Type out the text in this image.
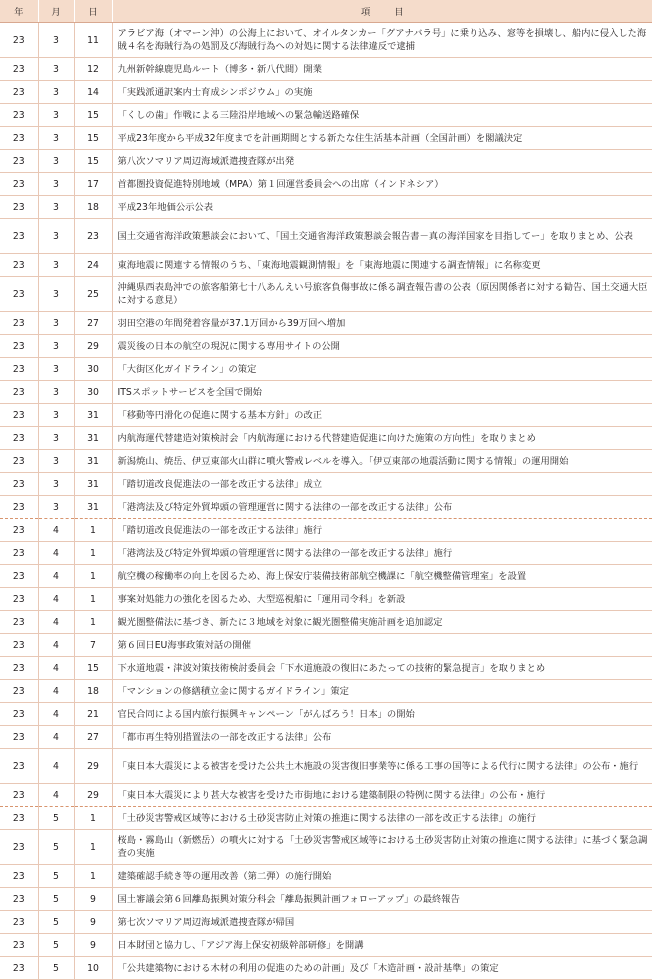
年	月	日	項目
23	3	11	アラビア海（オマーン沖）の公海上において、オイルタンカー「グアナバラ号」に乗り込み、窓等を損壊し、船内に侵入した海賊４名を海賊行為の処罰及び海賊行為への対処に関する法律違反で逮捕
23	3	12	九州新幹線鹿児島ルート（博多・新八代間）開業
23	3	14	「実践派通訳案内士育成シンポジウム」の実施
23	3	15	「くしの歯」作戦による三陸沿岸地域への緊急輸送路確保
23	3	15	平成23年度から平成32年度までを計画期間とする新たな住生活基本計画（全国計画）を閣議決定
23	3	15	第八次ソマリア周辺海域派遣捜査隊が出発
23	3	17	首都圏投資促進特別地域（MPA）第１回運営委員会への出席（インドネシア）
23	3	18	平成23年地価公示公表
23	3	23	国土交通省海洋政策懇談会において、「国土交通省海洋政策懇談会報告書－真の海洋国家を目指してー」を取りまとめ、公表
23	3	24	東海地震に関連する情報のうち、「東海地震観測情報」を「東海地震に関連する調査情報」に名称変更
23	3	25	沖縄県西表島沖での旅客船第七十八あんえい号旅客負傷事故に係る調査報告書の公表（原因関係者に対する勧告、国土交通大臣に対する意見）
23	3	27	羽田空港の年間発着容量が37.1万回から39万回へ増加
23	3	29	震災後の日本の航空の現況に関する専用サイトの公開
23	3	30	「大街区化ガイドライン」の策定
23	3	30	ITSスポットサービスを全国で開始
23	3	31	「移動等円滑化の促進に関する基本方針」の改正
23	3	31	内航海運代替建造対策検討会「内航海運における代替建造促進に向けた施策の方向性」を取りまとめ
23	3	31	新潟焼山、焼岳、伊豆東部火山群に噴火警戒レベルを導入。「伊豆東部の地震活動に関する情報」の運用開始
23	3	31	「踏切道改良促進法の一部を改正する法律」成立
23	3	31	「港湾法及び特定外貿埠頭の管理運営に関する法律の一部を改正する法律」公布
23	4	1	「踏切道改良促進法の一部を改正する法律」施行
23	4	1	「港湾法及び特定外貿埠頭の管理運営に関する法律の一部を改正する法律」施行
23	4	1	航空機の稼働率の向上を図るため、海上保安庁装備技術部航空機課に「航空機整備管理室」を設置
23	4	1	事案対処能力の強化を図るため、大型巡視船に「運用司令科」を新設
23	4	1	観光圏整備法に基づき、新たに３地域を対象に観光圏整備実施計画を追加認定
23	4	7	第６回日EU海事政策対話の開催
23	4	15	下水道地震・津波対策技術検討委員会「下水道施設の復旧にあたっての技術的緊急提言」を取りまとめ
23	4	18	「マンションの修繕積立金に関するガイドライン」策定
23	4	21	官民合同による国内旅行振興キャンペーン「がんばろう！日本」の開始
23	4	27	「都市再生特別措置法の一部を改正する法律」公布
23	4	29	「東日本大震災による被害を受けた公共土木施設の災害復旧事業等に係る工事の国等による代行に関する法律」の公布・施行
23	4	29	「東日本大震災により甚大な被害を受けた市街地における建築制限の特例に関する法律」の公布・施行
23	5	1	「土砂災害警戒区域等における土砂災害防止対策の推進に関する法律の一部を改正する法律」の施行
23	5	1	桜島・霧島山（新燃岳）の噴火に対する「土砂災害警戒区域等における土砂災害防止対策の推進に関する法律」に基づく緊急調査の実施
23	5	1	建築確認手続き等の運用改善（第二弾）の施行開始
23	5	9	国土審議会第６回離島振興対策分科会「離島振興計画フォローアップ」の最終報告
23	5	9	第七次ソマリア周辺海域派遣捜査隊が帰国
23	5	9	日本財団と協力し、「アジア海上保安初級幹部研修」を開講
23	5	10	「公共建築物における木材の利用の促進のための計画」及び「木造計画・設計基準」の策定
